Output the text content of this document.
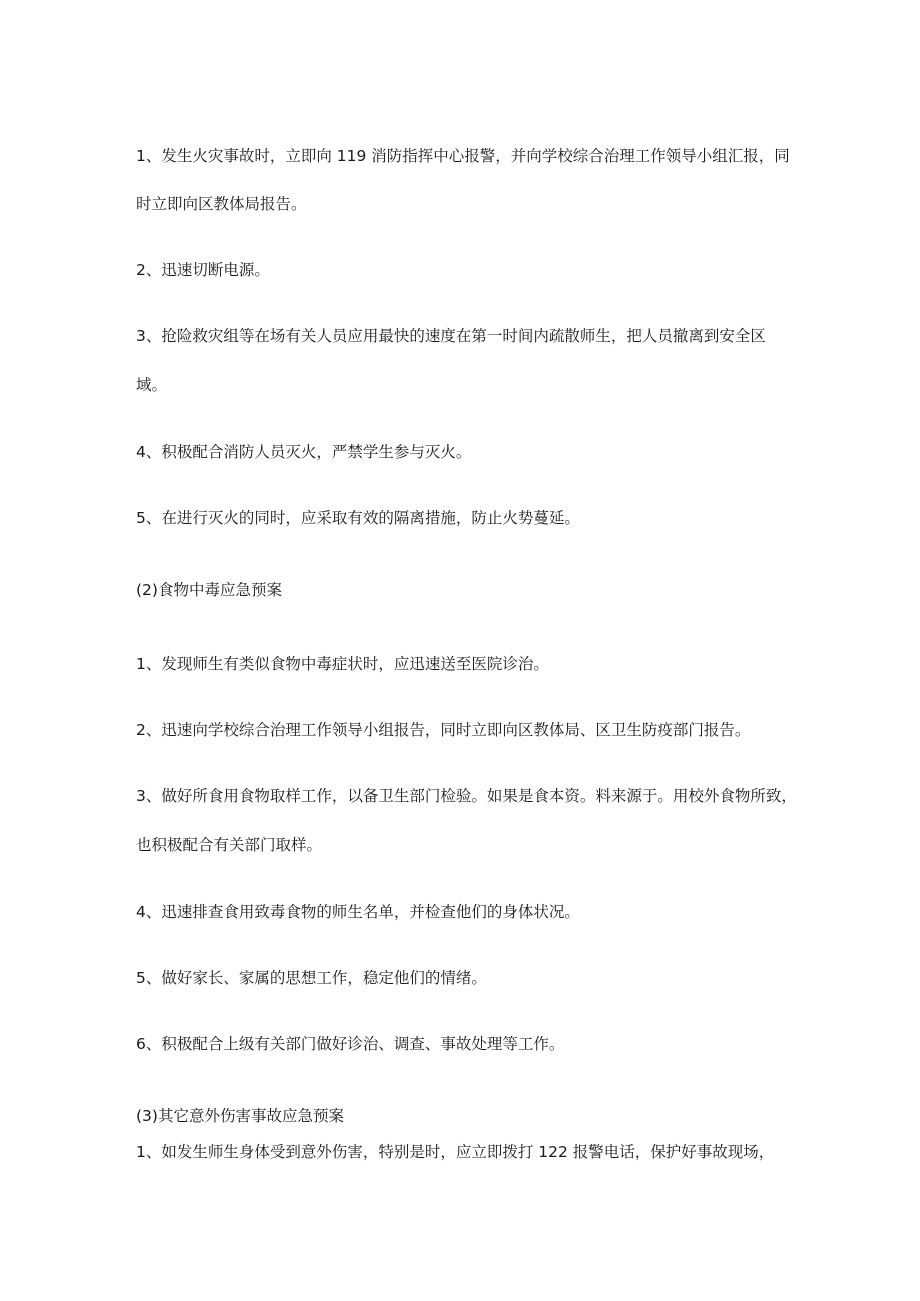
1、发生火灾事故时，立即向 119 消防指挥中心报警，并向学校综合治理工作领导小组汇报，同
时立即向区教体局报告。
2、迅速切断电源。
3、抢险救灾组等在场有关人员应用最快的速度在第一时间内疏散师生，把人员撤离到安全区
域。
4、积极配合消防人员灭火，严禁学生参与灭火。
5、在进行灭火的同时，应采取有效的隔离措施，防止火势蔓延。
(2)食物中毒应急预案
1、发现师生有类似食物中毒症状时，应迅速送至医院诊治。
2、迅速向学校综合治理工作领导小组报告，同时立即向区教体局、区卫生防疫部门报告。
3、做好所食用食物取样工作，以备卫生部门检验。如果是食本资。料来源于。用校外食物所致，
也积极配合有关部门取样。
4、迅速排查食用致毒食物的师生名单，并检查他们的身体状况。
5、做好家长、家属的思想工作，稳定他们的情绪。
6、积极配合上级有关部门做好诊治、调查、事故处理等工作。
(3)其它意外伤害事故应急预案
1、如发生师生身体受到意外伤害，特别是时，应立即拨打 122 报警电话，保护好事故现场，
